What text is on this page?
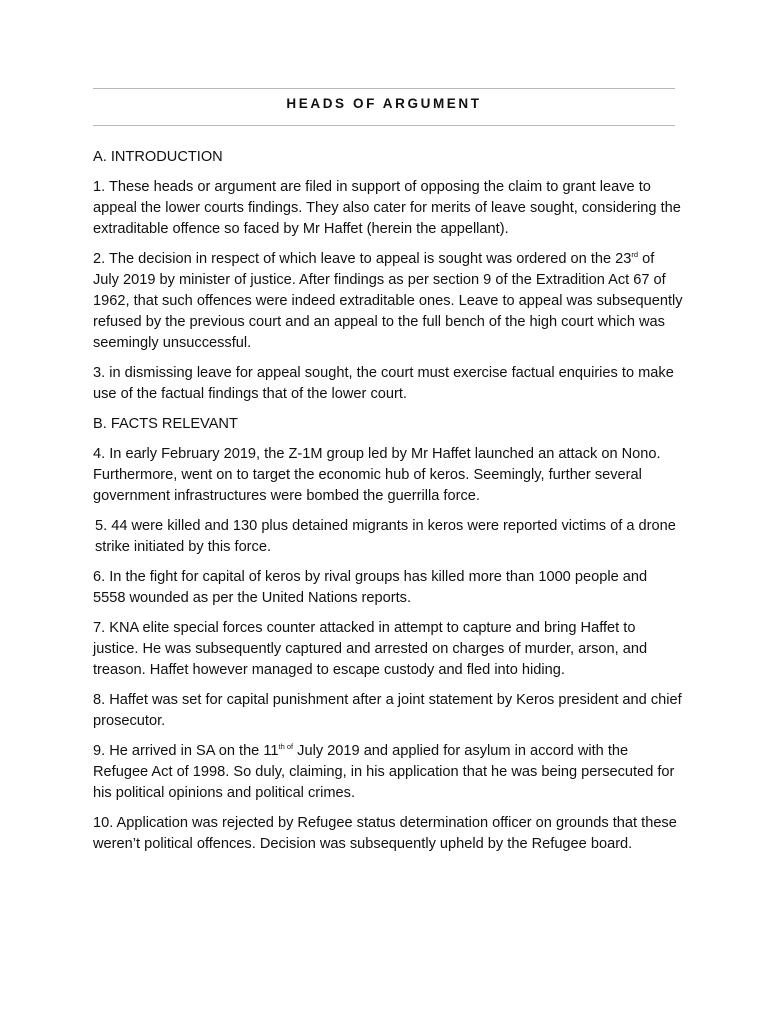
HEADS OF ARGUMENT

A. INTRODUCTION

1. These heads or argument are filed in support of opposing the claim to grant leave to appeal the lower courts findings. They also cater for merits of leave sought, considering the extraditable offence so faced by Mr Haffet (herein the appellant).

2. The decision in respect of which leave to appeal is sought was ordered on the 23rd of July 2019 by minister of justice. After findings as per section 9 of the Extradition Act 67 of 1962, that such offences were indeed extraditable ones. Leave to appeal was subsequently refused by the previous court and an appeal to the full bench of the high court which was seemingly unsuccessful.

3. in dismissing leave for appeal sought, the court must exercise factual enquiries to make use of the factual findings that of the lower court.

B. FACTS RELEVANT

4. In early February 2019, the Z-1M group led by Mr Haffet launched an attack on Nono. Furthermore, went on to target the economic hub of keros. Seemingly, further several government infrastructures were bombed the guerrilla force.

5. 44 were killed and 130 plus detained migrants in keros were reported victims of a drone strike initiated by this force.

6. In the fight for capital of keros by rival groups has killed more than 1000 people and 5558 wounded as per the United Nations reports.

7. KNA elite special forces counter attacked in attempt to capture and bring Haffet to justice. He was subsequently captured and arrested on charges of murder, arson, and treason. Haffet however managed to escape custody and fled into hiding.

8. Haffet was set for capital punishment after a joint statement by Keros president and chief prosecutor.

9. He arrived in SA on the $11^{th of}$ July 2019 and applied for asylum in accord with the Refugee Act of 1998. So duly, claiming, in his application that he was being persecuted for his political opinions and political crimes.

10. Application was rejected by Refugee status determination officer on grounds that these weren’t political offences. Decision was subsequently upheld by the Refugee board.
